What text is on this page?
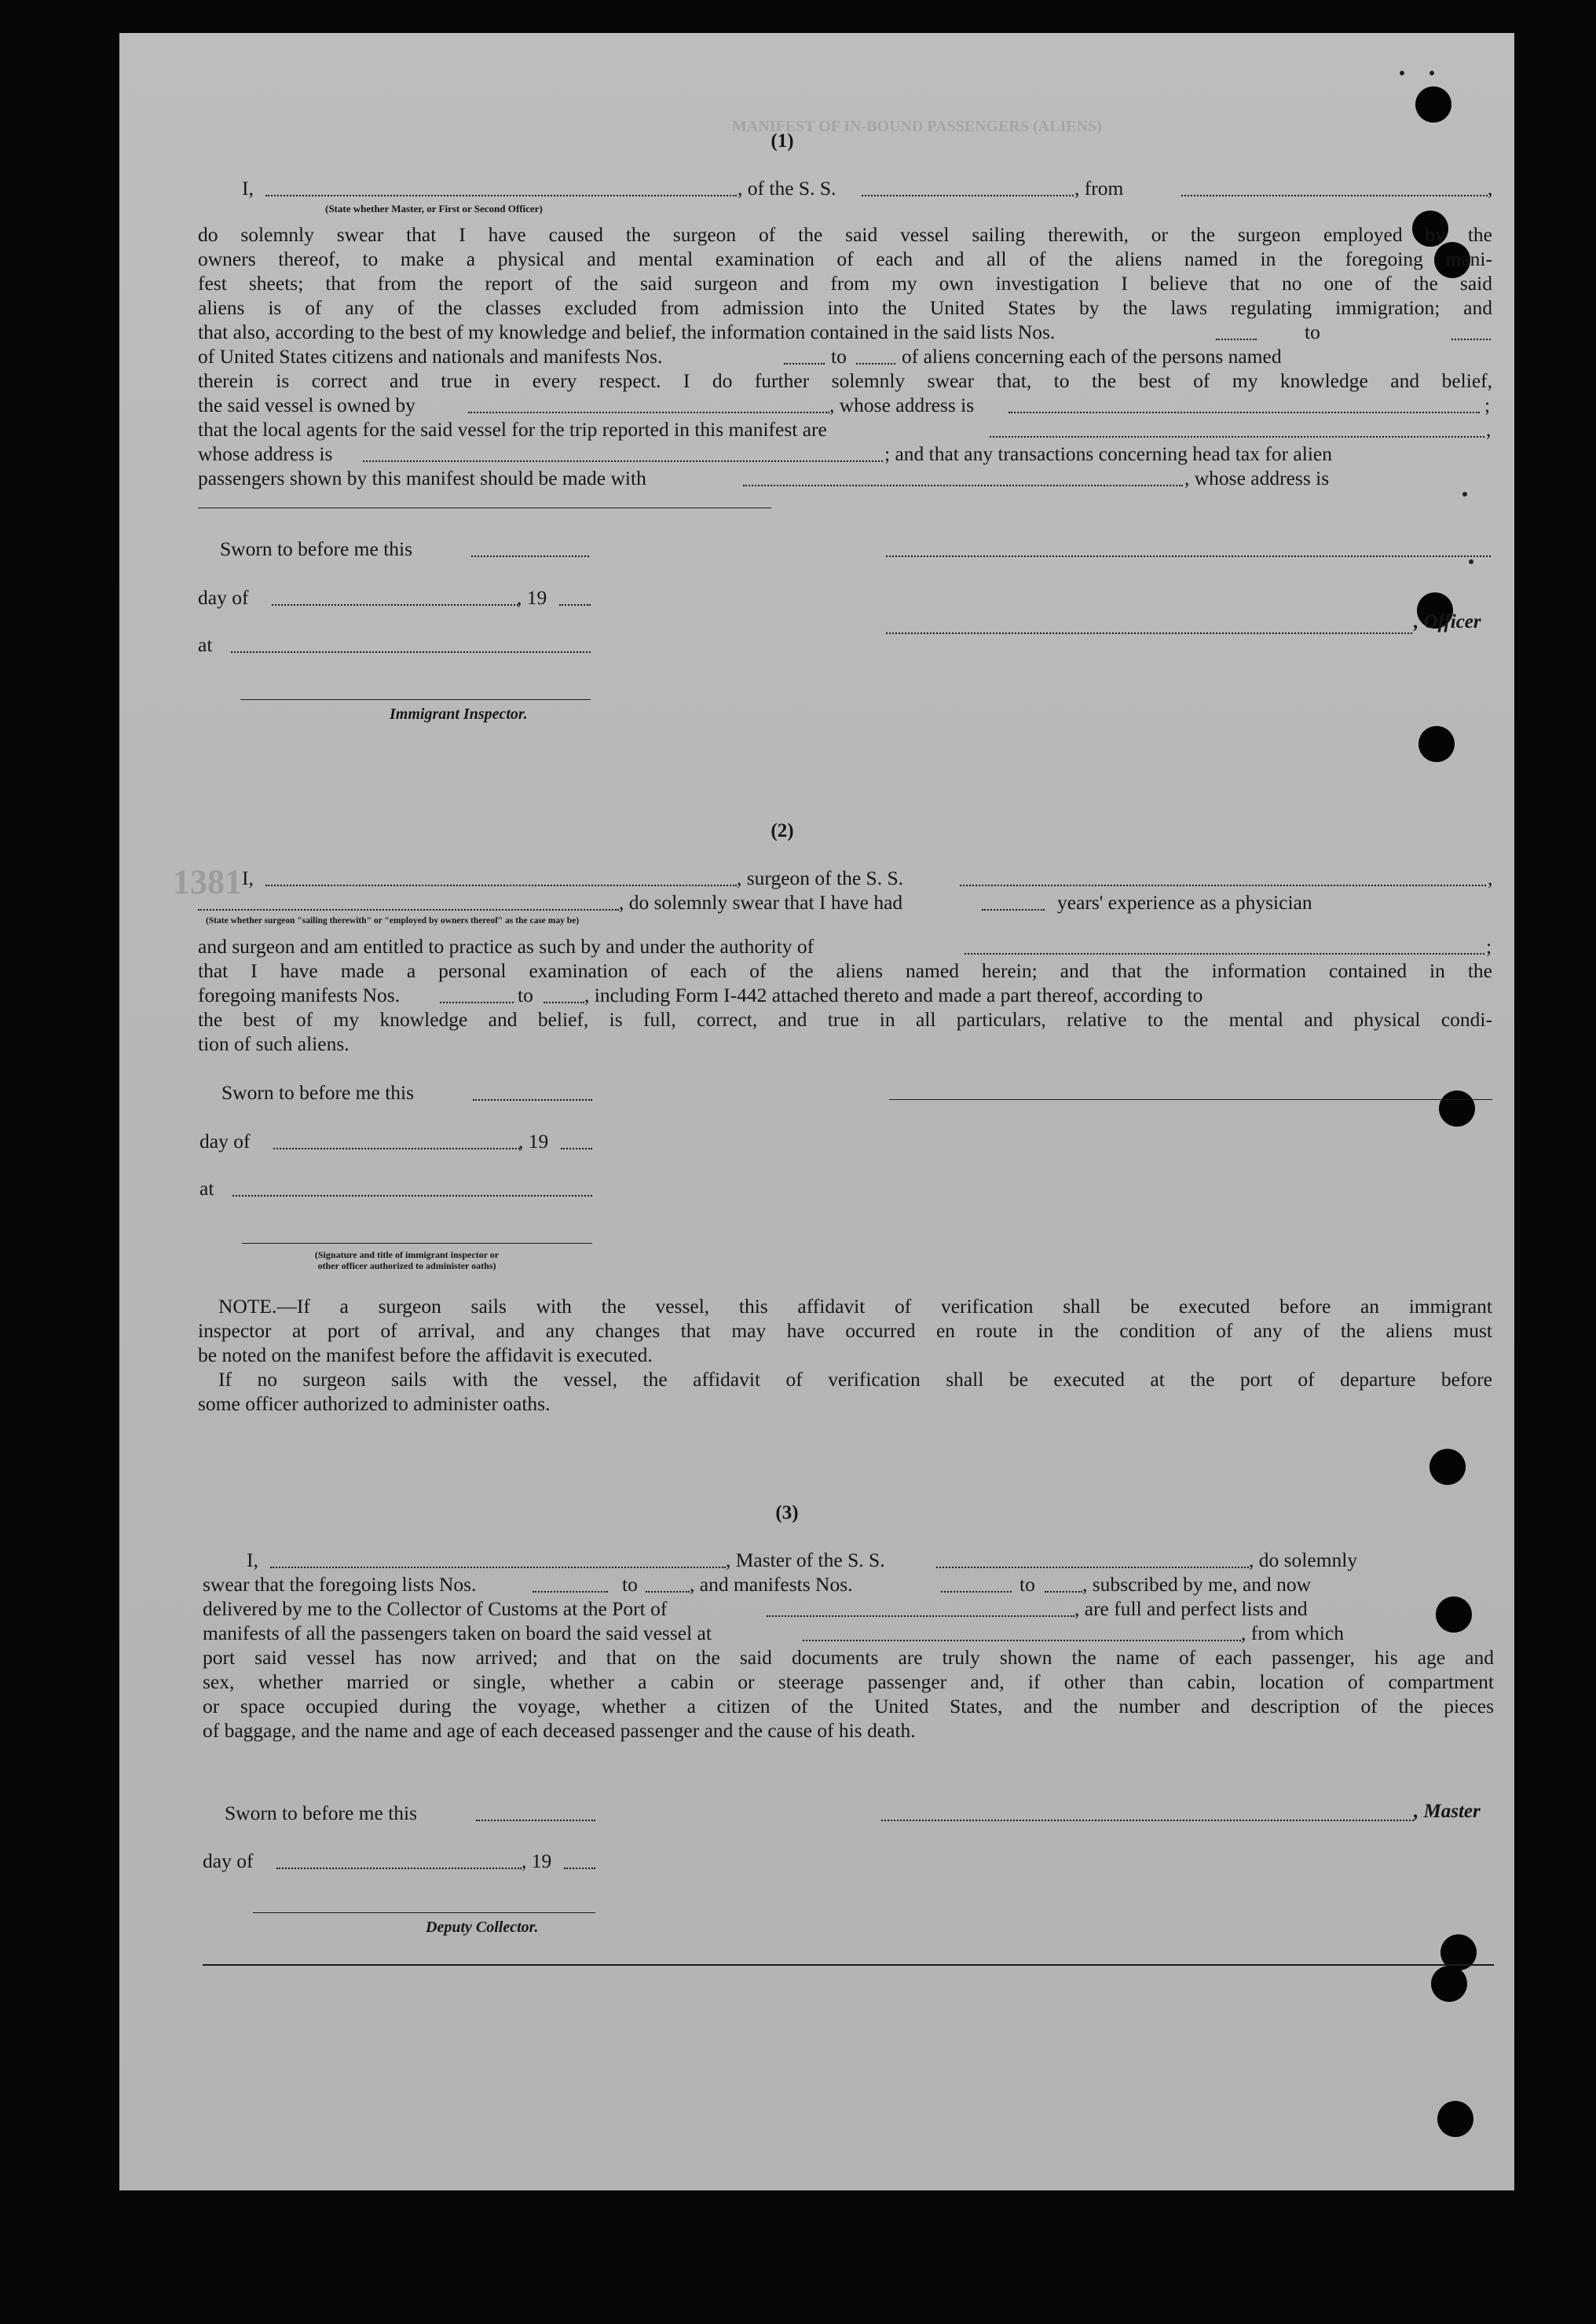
MANIFEST OF IN-BOUND PASSENGERS (ALIENS)
1381
(1)
I,	, of the S. S.	, from	,
(State whether Master, or First or Second Officer)
do solemnly swear that I have caused the surgeon of the said vessel sailing therewith, or the surgeon employed by the
owners thereof, to make a physical and mental examination of each and all of the aliens named in the foregoing mani-
fest sheets; that from the report of the said surgeon and from my own investigation I believe that no one of the said
aliens is of any of the classes excluded from admission into the United States by the laws regulating immigration; and
that also, according to the best of my knowledge and belief, the information contained in the said lists Nos.	to
of United States citizens and nationals and manifests Nos.	to	of aliens concerning each of the persons named
therein is correct and true in every respect. I do further solemnly swear that, to the best of my knowledge and belief,
the said vessel is owned by	, whose address is	;
that the local agents for the said vessel for the trip reported in this manifest are	,
whose address is	; and that any transactions concerning head tax for alien
passengers shown by this manifest should be made with	, whose address is
Sworn to before me this
day of	, 19
, Officer
at
Immigrant Inspector.
(2)
I,	, surgeon of the S. S.	,
, do solemnly swear that I have had	years' experience as a physician
(State whether surgeon "sailing therewith" or "employed by owners thereof" as the case may be)
and surgeon and am entitled to practice as such by and under the authority of	;
that I have made a personal examination of each of the aliens named herein; and that the information contained in the
foregoing manifests Nos.	to	, including Form I-442 attached thereto and made a part thereof, according to
the best of my knowledge and belief, is full, correct, and true in all particulars, relative to the mental and physical condi-
tion of such aliens.
Sworn to before me this
day of	, 19
at
(Signature and title of immigrant inspector or
other officer authorized to administer oaths)
NOTE.—If a surgeon sails with the vessel, this affidavit of verification shall be executed before an immigrant
inspector at port of arrival, and any changes that may have occurred en route in the condition of any of the aliens must
be noted on the manifest before the affidavit is executed.
If no surgeon sails with the vessel, the affidavit of verification shall be executed at the port of departure before
some officer authorized to administer oaths.
(3)
I,	, Master of the S. S.	, do solemnly
swear that the foregoing lists Nos.	to	, and manifests Nos.	to , subscribed by me, and now
delivered by me to the Collector of Customs at the Port of	, are full and perfect lists and
manifests of all the passengers taken on board the said vessel at	, from which
port said vessel has now arrived; and that on the said documents are truly shown the name of each passenger, his age and
sex, whether married or single, whether a cabin or steerage passenger and, if other than cabin, location of compartment
or space occupied during the voyage, whether a citizen of the United States, and the number and description of the pieces
of baggage, and the name and age of each deceased passenger and the cause of his death.
Sworn to before me this	, Master
day of	, 19
Deputy Collector.
